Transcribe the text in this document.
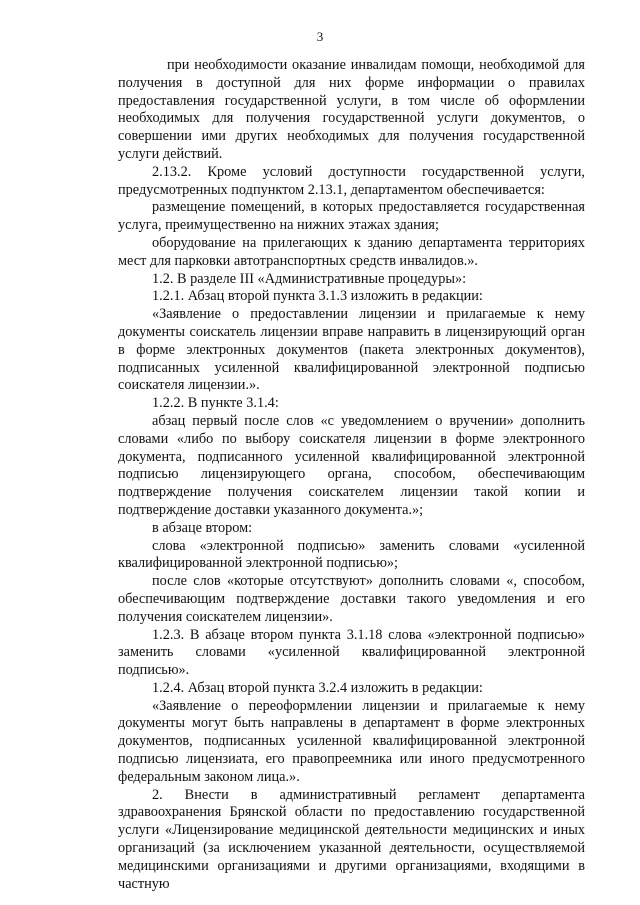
3

при необходимости оказание инвалидам помощи, необходимой для получения в доступной для них форме информации о правилах предоставления государственной услуги, в том числе об оформлении необходимых для получения государственной услуги документов, о совершении ими других необходимых для получения государственной услуги действий.

2.13.2. Кроме условий доступности государственной услуги, предусмотренных подпунктом 2.13.1, департаментом обеспечивается:

размещение помещений, в которых предоставляется государственная услуга, преимущественно на нижних этажах здания;

оборудование на прилегающих к зданию департамента территориях мест для парковки автотранспортных средств инвалидов.».

1.2. В разделе III «Административные процедуры»:

1.2.1. Абзац второй пункта 3.1.3 изложить в редакции:

«Заявление о предоставлении лицензии и прилагаемые к нему документы соискатель лицензии вправе направить в лицензирующий орган в форме электронных документов (пакета электронных документов), подписанных усиленной квалифицированной электронной подписью соискателя лицензии.».

1.2.2. В пункте 3.1.4:

абзац первый после слов «с уведомлением о вручении» дополнить словами «либо по выбору соискателя лицензии в форме электронного документа, подписанного усиленной квалифицированной электронной подписью лицензирующего органа, способом, обеспечивающим подтверждение получения соискателем лицензии такой копии и подтверждение доставки указанного документа.»;

в абзаце втором:

слова «электронной подписью» заменить словами «усиленной квалифицированной электронной подписью»;

после слов «которые отсутствуют» дополнить словами «, способом, обеспечивающим подтверждение доставки такого уведомления и его получения соискателем лицензии».

1.2.3. В абзаце втором пункта 3.1.18 слова «электронной подписью» заменить словами «усиленной квалифицированной электронной подписью».

1.2.4. Абзац второй пункта 3.2.4 изложить в редакции:

«Заявление о переоформлении лицензии и прилагаемые к нему документы могут быть направлены в департамент в форме электронных документов, подписанных усиленной квалифицированной электронной подписью лицензиата, его правопреемника или иного предусмотренного федеральным законом лица.».

2. Внести в административный регламент департамента здравоохранения Брянской области по предоставлению государственной услуги «Лицензирование медицинской деятельности медицинских и иных организаций (за исключением указанной деятельности, осуществляемой медицинскими организациями и другими организациями, входящими в частную
